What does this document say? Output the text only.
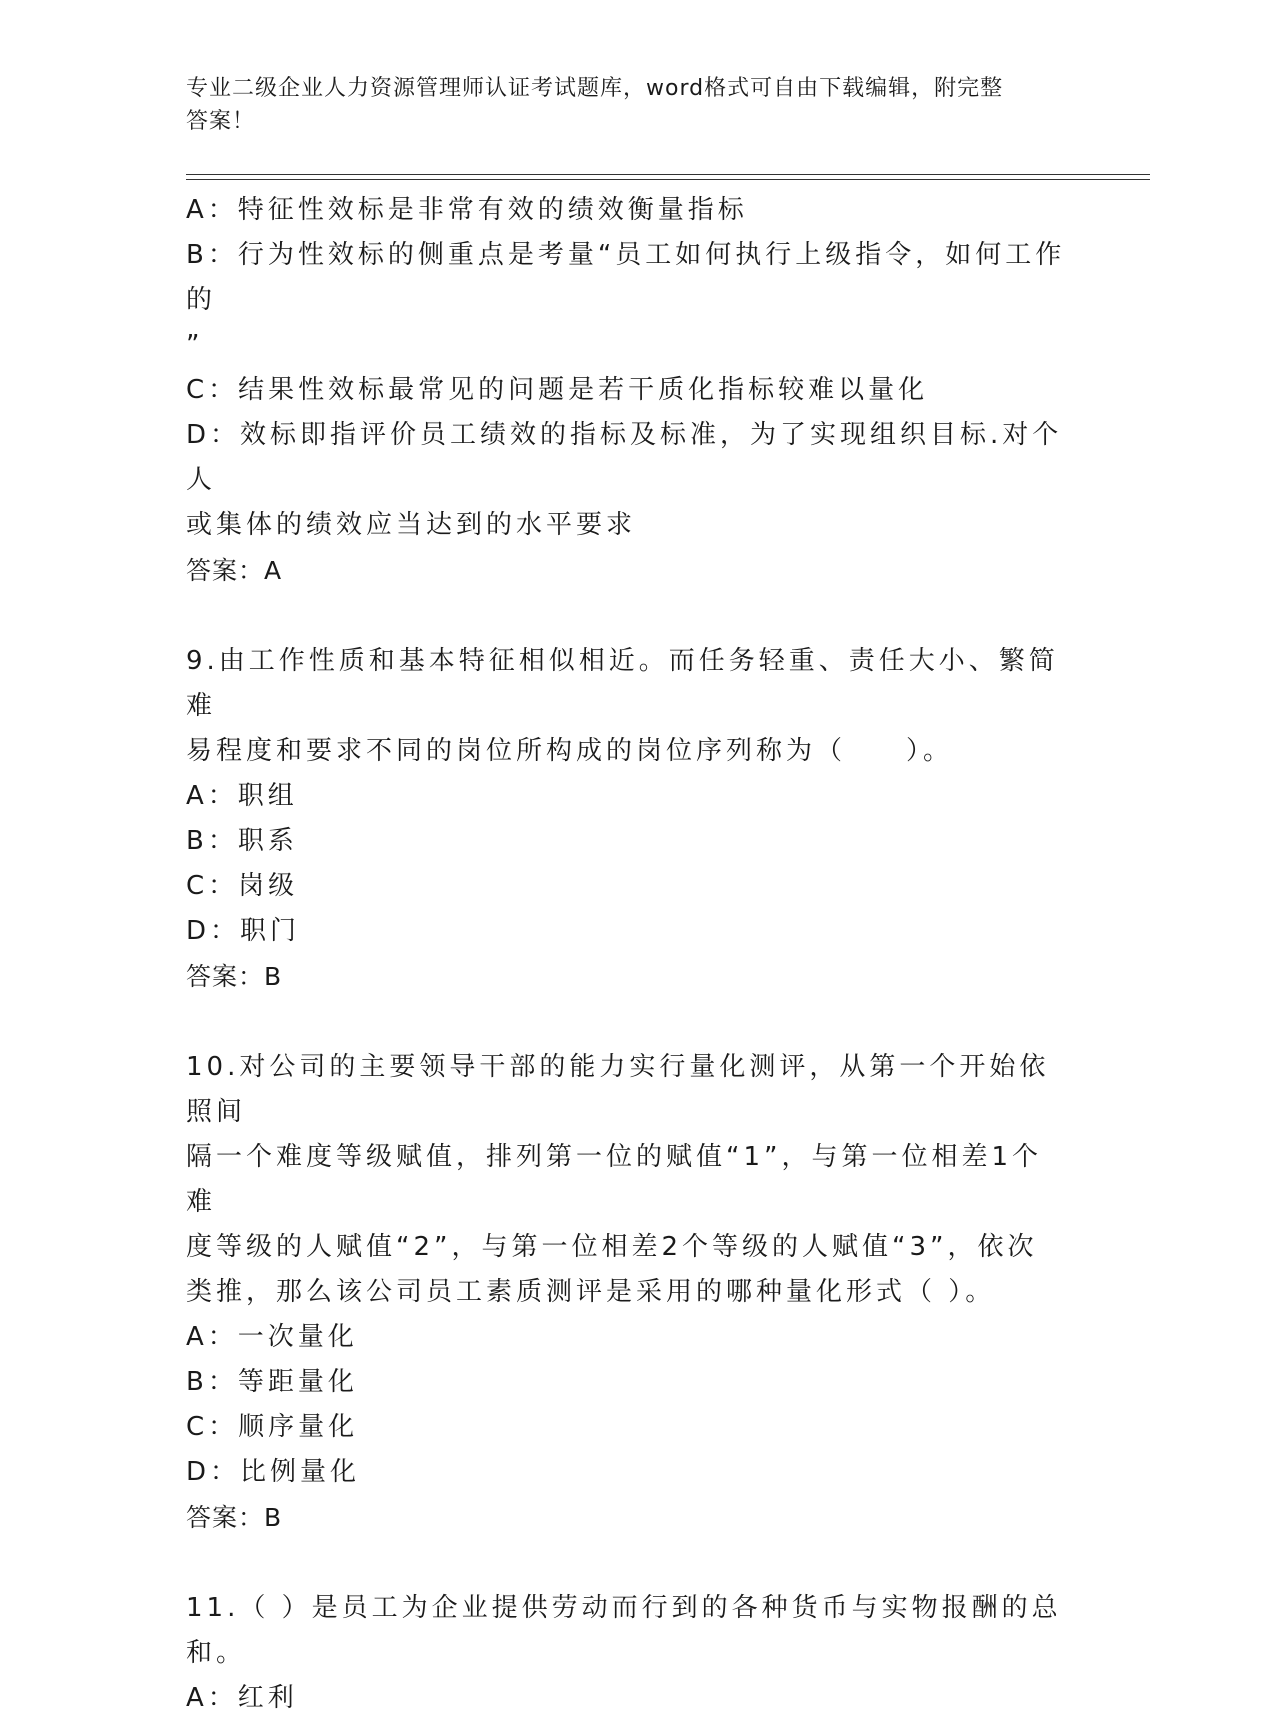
专业二级企业人力资源管理师认证考试题库，word格式可自由下载编辑，附完整
答案！
A：特征性效标是非常有效的绩效衡量指标
B：行为性效标的侧重点是考量“员工如何执行上级指令，如何工作的
”
C：结果性效标最常见的问题是若干质化指标较难以量化
D：效标即指评价员工绩效的指标及标准，为了实现组织目标.对个人
或集体的绩效应当达到的水平要求
答案：A
9.由工作性质和基本特征相似相近。而任务轻重、责任大小、繁简难
易程度和要求不同的岗位所构成的岗位序列称为（　　）。
A：职组
B：职系
C：岗级
D：职门
答案：B
10.对公司的主要领导干部的能力实行量化测评，从第一个开始依照间
隔一个难度等级赋值，排列第一位的赋值“1”，与第一位相差1个难
度等级的人赋值“2”，与第一位相差2个等级的人赋值“3”，依次
类推，那么该公司员工素质测评是采用的哪种量化形式（ ）。
A：一次量化
B：等距量化
C：顺序量化
D：比例量化
答案：B
11.（ ）是员工为企业提供劳动而行到的各种货币与实物报酬的总和。
A：红利
